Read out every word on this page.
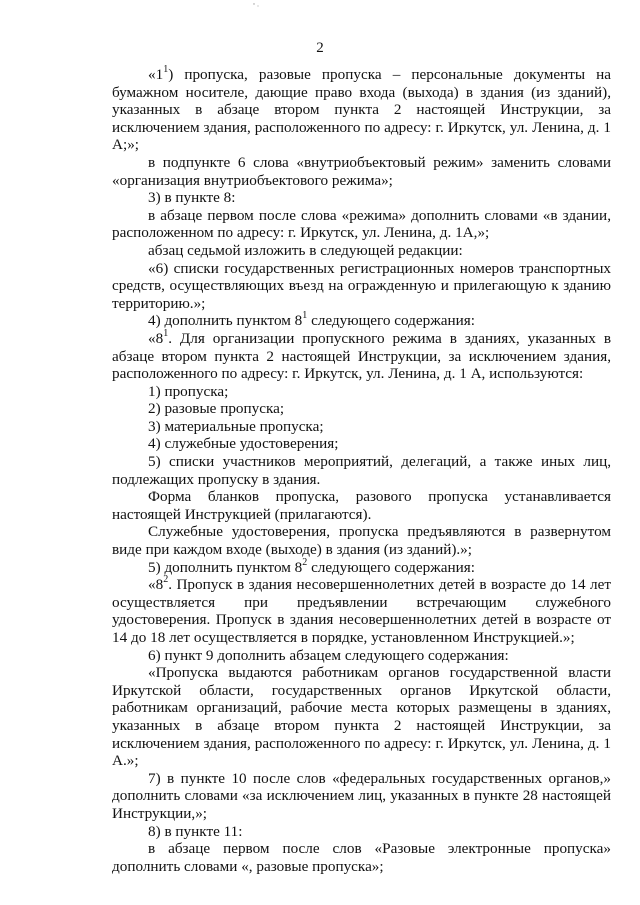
2

«$1^1$) пропуска, разовые пропуска – персональные документы на бумажном носителе, дающие право входа (выхода) в здания (из зданий), указанных в абзаце втором пункта 2 настоящей Инструкции, за исключением здания, расположенного по адресу: г. Иркутск, ул. Ленина, д. 1 А;»;

в подпункте 6 слова «внутриобъектовый режим» заменить словами «организация внутриобъектового режима»;

3) в пункте 8:

в абзаце первом после слова «режима» дополнить словами «в здании, расположенном по адресу: г. Иркутск, ул. Ленина, д. 1А,»;

абзац седьмой изложить в следующей редакции:

«6) списки государственных регистрационных номеров транспортных средств, осуществляющих въезд на огражденную и прилегающую к зданию территорию.»;

4) дополнить пунктом $8^1$ следующего содержания:

«$8^1$. Для организации пропускного режима в зданиях, указанных в абзаце втором пункта 2 настоящей Инструкции, за исключением здания, расположенного по адресу: г. Иркутск, ул. Ленина, д. 1 А, используются:

1) пропуска;

2) разовые пропуска;

3) материальные пропуска;

4) служебные удостоверения;

5) списки участников мероприятий, делегаций, а также иных лиц, подлежащих пропуску в здания.

Форма бланков пропуска, разового пропуска устанавливается настоящей Инструкцией (прилагаются).

Служебные удостоверения, пропуска предъявляются в развернутом виде при каждом входе (выходе) в здания (из зданий).»;

5) дополнить пунктом $8^2$ следующего содержания:

«$8^2$. Пропуск в здания несовершеннолетних детей в возрасте до 14 лет осуществляется при предъявлении встречающим служебного удостоверения. Пропуск в здания несовершеннолетних детей в возрасте от 14 до 18 лет осуществляется в порядке, установленном Инструкцией.»;

6) пункт 9 дополнить абзацем следующего содержания:

«Пропуска выдаются работникам органов государственной власти Иркутской области, государственных органов Иркутской области, работникам организаций, рабочие места которых размещены в зданиях, указанных в абзаце втором пункта 2 настоящей Инструкции, за исключением здания, расположенного по адресу: г. Иркутск, ул. Ленина, д. 1 А.»;

7) в пункте 10 после слов «федеральных государственных органов,» дополнить словами «за исключением лиц, указанных в пункте 28 настоящей Инструкции,»;

8) в пункте 11:

в абзаце первом после слов «Разовые электронные пропуска» дополнить словами «, разовые пропуска»;
